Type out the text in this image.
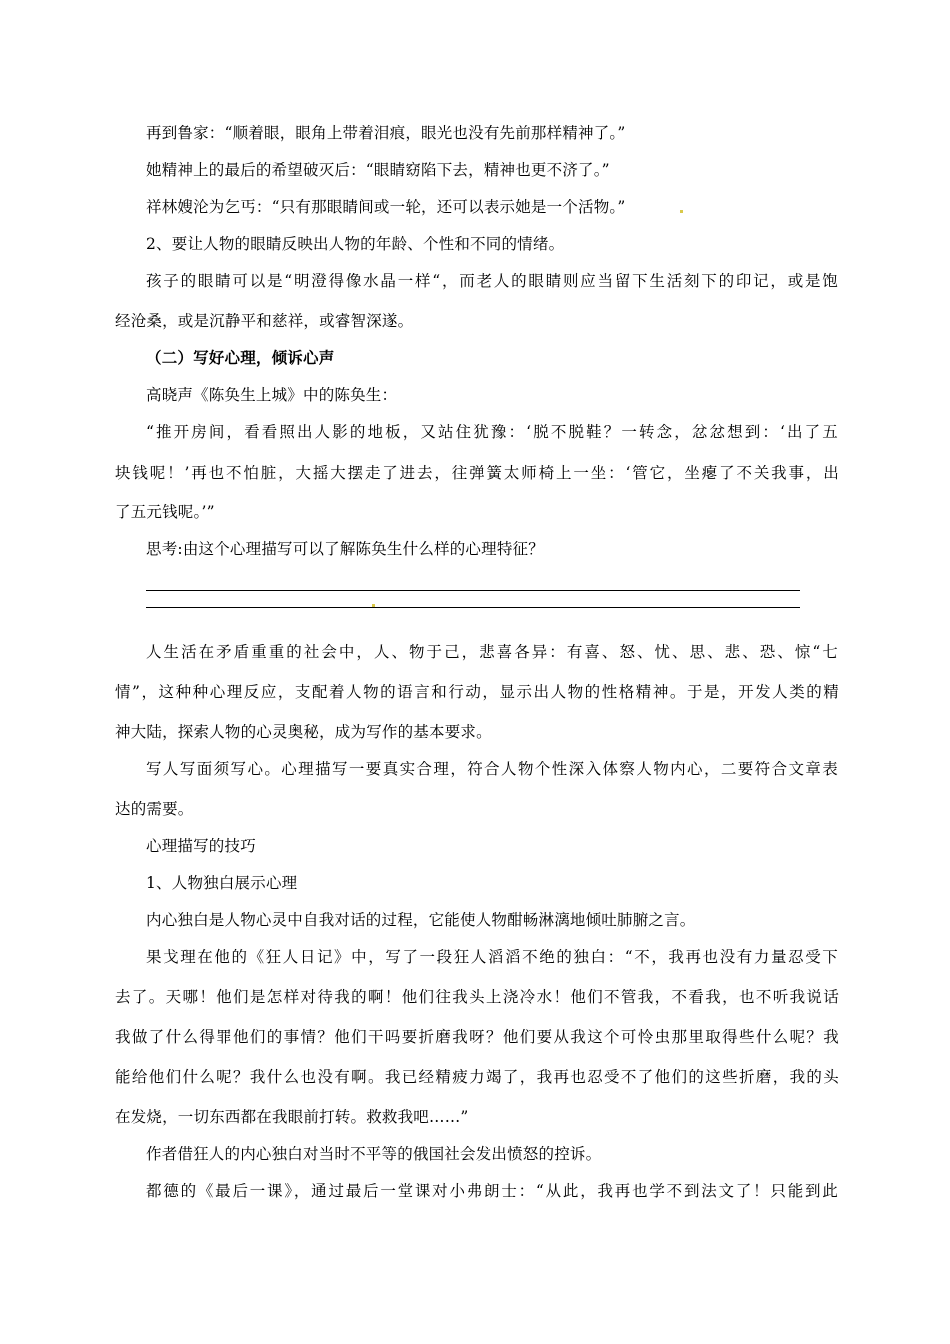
再到鲁家：“顺着眼，眼角上带着泪痕，眼光也没有先前那样精神了。”
她精神上的最后的希望破灭后：“眼睛窈陷下去，精神也更不济了。”
祥林嫂沦为乞丐：“只有那眼睛间或一轮，还可以表示她是一个活物。”
2、要让人物的眼睛反映出人物的年龄、个性和不同的情绪。
孩子的眼睛可以是“明澄得像水晶一样“，而老人的眼睛则应当留下生活刻下的印记，或是饱
经沧桑，或是沉静平和慈祥，或睿智深遂。
（二）写好心理，倾诉心声
高晓声《陈奂生上城》中的陈奂生：
“推开房间，看看照出人影的地板，又站住犹豫：‘脱不脱鞋？一转念，忿忿想到：‘出了五
块钱呢！’再也不怕脏，大摇大摆走了进去，往弹簧太师椅上一坐：‘管它，坐瘪了不关我事，出
了五元钱呢。’”
思考:由这个心理描写可以了解陈奂生什么样的心理特征？
人生活在矛盾重重的社会中，人、物于己，悲喜各异：有喜、怒、忧、思、悲、恐、惊“七
情”，这种种心理反应，支配着人物的语言和行动，显示出人物的性格精神。于是，开发人类的精
神大陆，探索人物的心灵奥秘，成为写作的基本要求。
写人写面须写心。心理描写一要真实合理，符合人物个性深入体察人物内心，二要符合文章表
达的需要。
心理描写的技巧
1、人物独白展示心理
内心独白是人物心灵中自我对话的过程，它能使人物酣畅淋漓地倾吐肺腑之言。
果戈理在他的《狂人日记》中，写了一段狂人滔滔不绝的独白：“不，我再也没有力量忍受下
去了。天哪！他们是怎样对待我的啊！他们往我头上浇冷水！他们不管我，不看我，也不听我说话
我做了什么得罪他们的事情？他们干吗要折磨我呀？他们要从我这个可怜虫那里取得些什么呢？我
能给他们什么呢？我什么也没有啊。我已经精疲力竭了，我再也忍受不了他们的这些折磨，我的头
在发烧，一切东西都在我眼前打转。救救我吧……”
作者借狂人的内心独白对当时不平等的俄国社会发出愤怒的控诉。
都德的《最后一课》，通过最后一堂课对小弗朗士：“从此，我再也学不到法文了！只能到此
